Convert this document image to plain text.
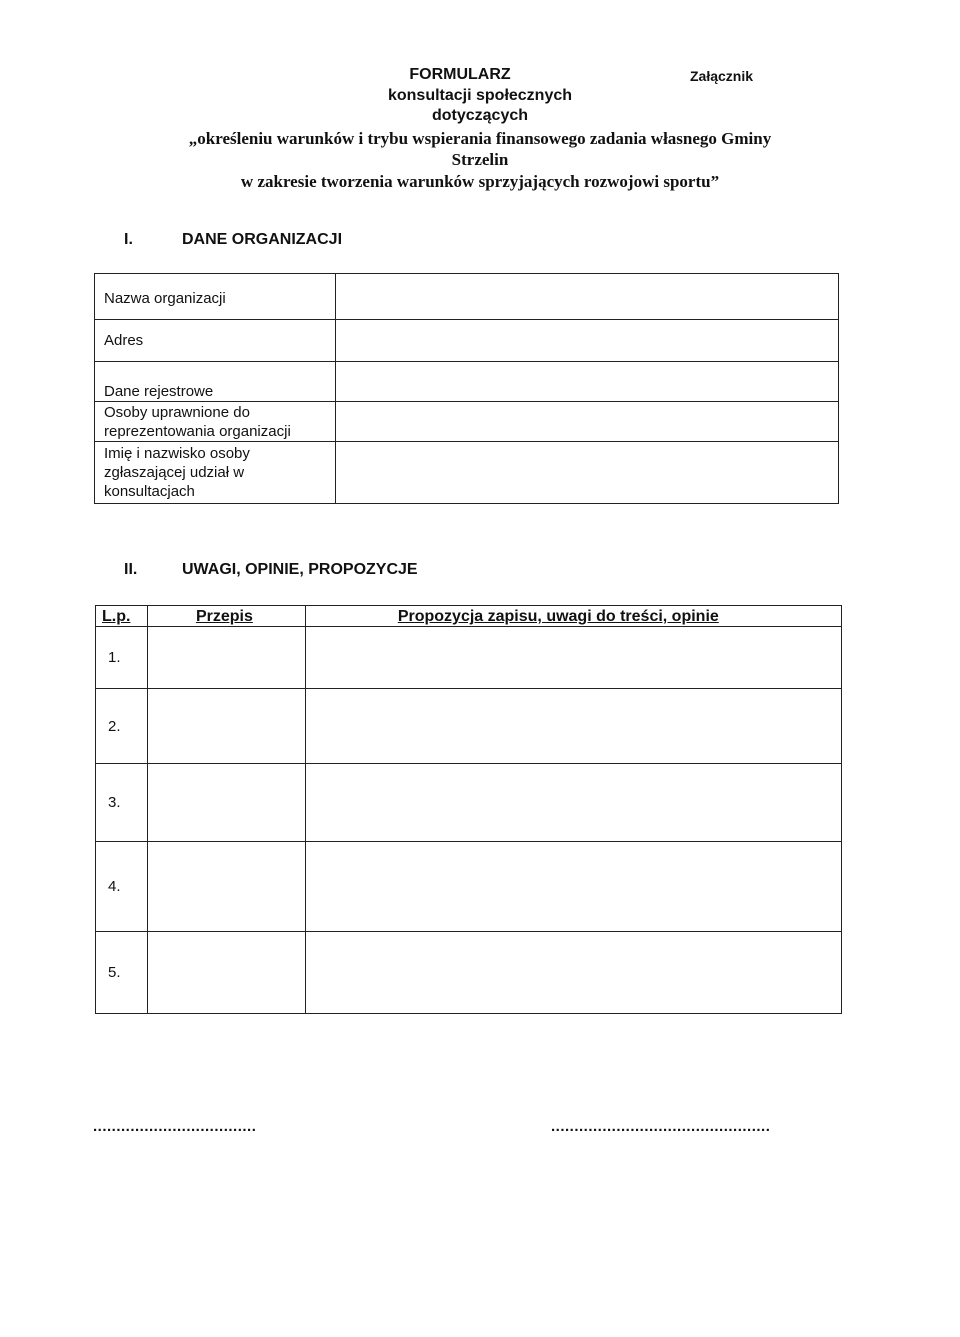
Załącznik
FORMULARZ
konsultacji społecznych
dotyczących
„określeniu warunków i trybu wspierania finansowego zadania własnego Gminy
Strzelin
w zakresie tworzenia warunków sprzyjających rozwojowi sportu”
I.	DANE ORGANIZACJI
Nazwa organizacji	
Adres	
Dane rejestrowe	
Osoby uprawnione do reprezentowania organizacji	
Imię i nazwisko osoby zgłaszającej udział w konsultacjach	
II.	UWAGI, OPINIE, PROPOZYCJE
L.p.	Przepis	Propozycja zapisu, uwagi do treści, opinie
1.		
2.		
3.		
4.		
5.		
...................................	...............................................
